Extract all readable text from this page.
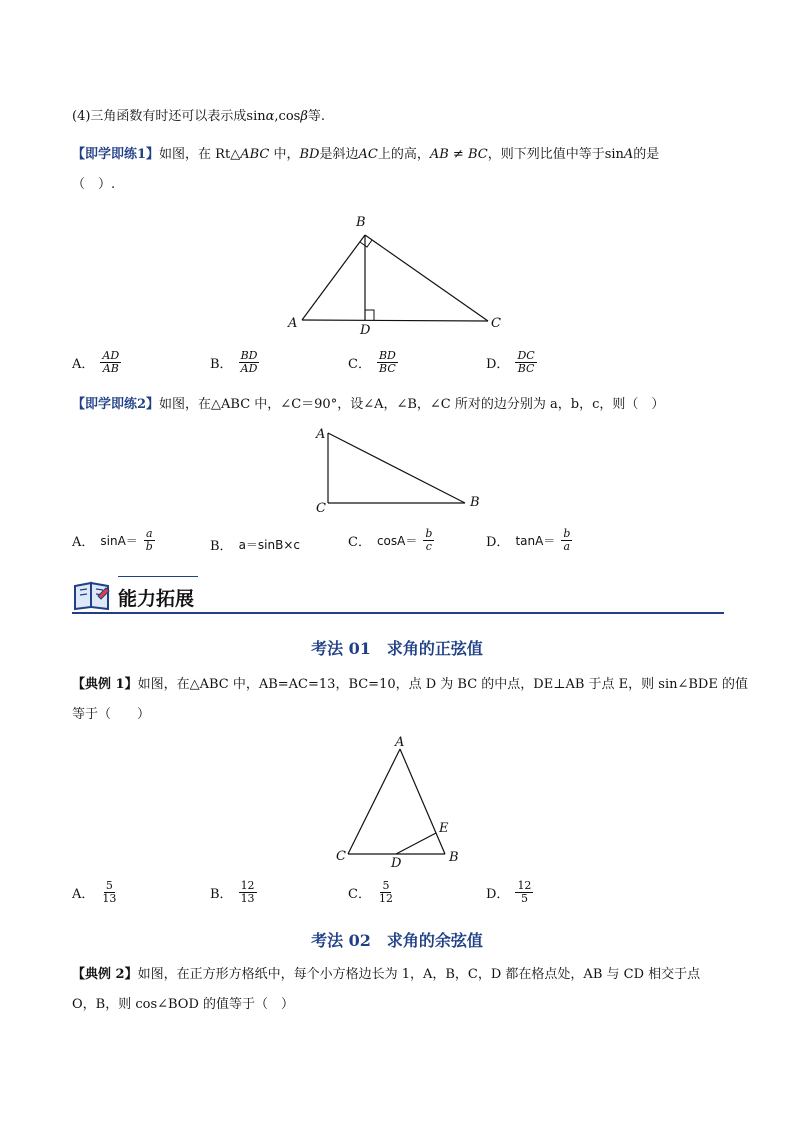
(4)三角函数有时还可以表示成sinα,cosβ等.
【即学即练1】如图，在 Rt△ABC 中，BD是斜边AC上的高，AB ≠ BC，则下列比值中等于sinA的是
（　）.
A
B
C
D
A． $\frac{AD}{AB}$	B． $\frac{BD}{AD}$	C． $\frac{BD}{BC}$	D． $\frac{DC}{BC}$
【即学即练2】如图，在△ABC 中，∠C＝90°，设∠A，∠B，∠C 所对的边分别为 a，b，c，则（　）
A
C	B
A． $\sin A= \frac{a}{b}$	B． a＝sinB×c	C． $\cos A= \frac{b}{c}$	D． $\tan A= \frac{b}{a}$
能力拓展
考法 01　求角的正弦值
【典例 1】如图，在△ABC 中，AB=AC=13，BC=10，点 D 为 BC 的中点，DE⊥AB 于点 E，则 sin∠BDE 的值
等于（　　）
A
C	B
D
E
A． $\frac{5}{13}$	B． $\frac{12}{13}$	C． $\frac{5}{12}$	D． $\frac{12}{5}$
考法 02　求角的余弦值
【典例 2】如图，在正方形方格纸中，每个小方格边长为 1，A，B，C，D 都在格点处，AB 与 CD 相交于点
O，B，则 cos∠BOD 的值等于（　）
